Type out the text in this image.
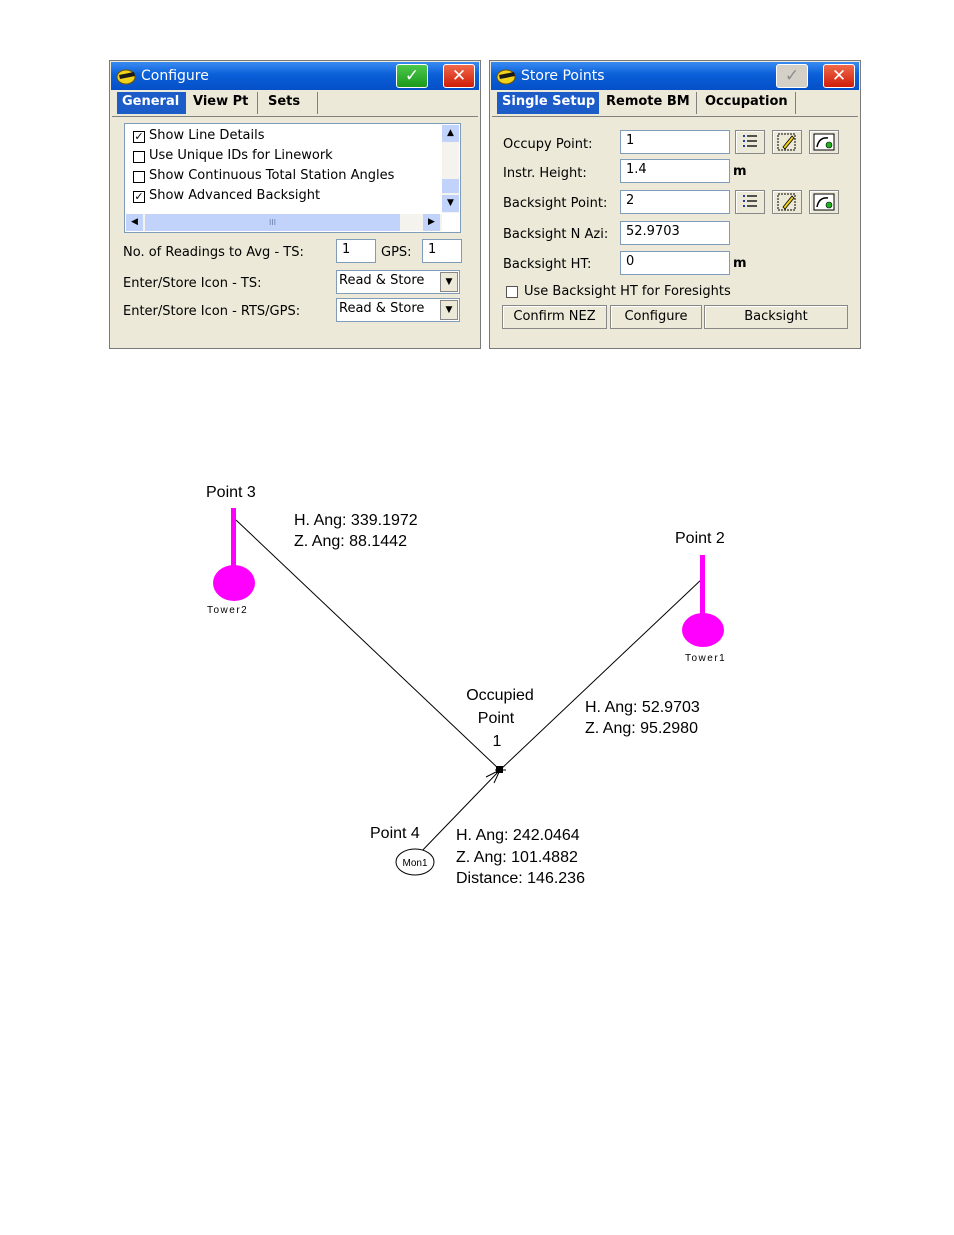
Configure	✓	✕
General	View Pt	Sets
✓ Show Line Details
Use Unique IDs for Linework
Show Continuous Total Station Angles
✓ Show Advanced Backsight
▲
▼
◀	III	▶
No. of Readings to Avg - TS:	1	GPS:	1
Enter/Store Icon - TS:	Read & Store	▼
Enter/Store Icon - RTS/GPS:	Read & Store	▼
Store Points	✓	✕
Single Setup Remote BM	Occupation
Occupy Point:	1
Instr. Height:	1.4	m
Backsight Point:	2
Backsight N Azi:	52.9703
Backsight HT:	0	m
Use Backsight HT for Foresights
Confirm NEZ	Configure	Backsight
Point 3
Tower2
H. Ang: 339.1972
Z. Ang: 88.1442	Point 2
Tower1
H. Ang: 52.9703
Z. Ang: 95.2980
Occupied
Point
1
Point 4
Mon1
H. Ang: 242.0464
Z. Ang: 101.4882
Distance: 146.236
